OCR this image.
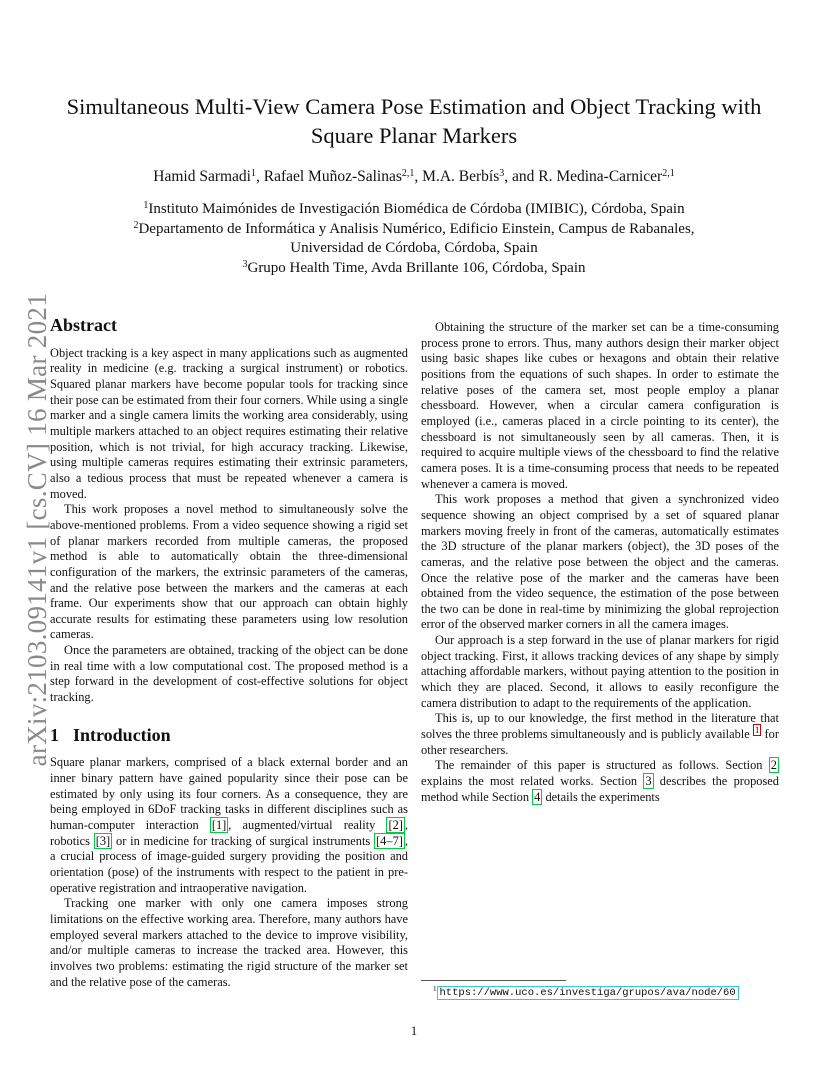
arXiv:2103.09141v1 [cs.CV] 16 Mar 2021
Simultaneous Multi-View Camera Pose Estimation and Object Tracking with Square Planar Markers
Hamid Sarmadi$^1$, Rafael Muñoz-Salinas$^{2,1}$, M.A. Berbís$^3$, and R. Medina-Carnicer$^{2,1}$
$^1$Instituto Maimónides de Investigación Biomédica de Córdoba (IMIBIC), Córdoba, Spain
$^2$Departamento de Informática y Analisis Numérico, Edificio Einstein, Campus de Rabanales,
Universidad de Córdoba, Córdoba, Spain
$^3$Grupo Health Time, Avda Brillante 106, Córdoba, Spain
Abstract

Object tracking is a key aspect in many applications such as augmented reality in medicine (e.g. tracking a surgical instrument) or robotics. Squared planar markers have become popular tools for tracking since their pose can be estimated from their four corners. While using a single marker and a single camera limits the working area considerably, using multiple markers attached to an object requires estimating their relative position, which is not trivial, for high accuracy tracking. Likewise, using multiple cameras requires estimating their extrinsic parameters, also a tedious process that must be repeated whenever a camera is moved.

This work proposes a novel method to simultaneously solve the above-mentioned problems. From a video sequence showing a rigid set of planar markers recorded from multiple cameras, the proposed method is able to automatically obtain the three-dimensional configuration of the markers, the extrinsic parameters of the cameras, and the relative pose between the markers and the cameras at each frame. Our experiments show that our approach can obtain highly accurate results for estimating these parameters using low resolution cameras.

Once the parameters are obtained, tracking of the object can be done in real time with a low computational cost. The proposed method is a step forward in the development of cost-effective solutions for object tracking.

1 Introduction

Square planar markers, comprised of a black external border and an inner binary pattern have gained popularity since their pose can be estimated by only using its four corners. As a consequence, they are being employed in 6DoF tracking tasks in different disciplines such as human-computer interaction [1] , augmented/virtual reality [2] , robotics [3] or in medicine for tracking of surgical instruments [4–7] , a crucial process of image-guided surgery providing the position and orientation (pose) of the instruments with respect to the patient in pre-operative registration and intraoperative navigation.

Tracking one marker with only one camera imposes strong limitations on the effective working area. Therefore, many authors have employed several markers attached to the device to improve visibility, and/or multiple cameras to increase the tracked area. However, this involves two problems: estimating the rigid structure of the marker set and the relative pose of the cameras.

Obtaining the structure of the marker set can be a time-consuming process prone to errors. Thus, many authors design their marker object using basic shapes like cubes or hexagons and obtain their relative positions from the equations of such shapes. In order to estimate the relative poses of the camera set, most people employ a planar chessboard. However, when a circular camera configuration is employed (i.e., cameras placed in a circle pointing to its center), the chessboard is not simultaneously seen by all cameras. Then, it is required to acquire multiple views of the chessboard to find the relative camera poses. It is a time-consuming process that needs to be repeated whenever a camera is moved.

This work proposes a method that given a synchronized video sequence showing an object comprised by a set of squared planar markers moving freely in front of the cameras, automatically estimates the 3D structure of the planar markers (object), the 3D poses of the cameras, and the relative pose between the object and the cameras. Once the relative pose of the marker and the cameras have been obtained from the video sequence, the estimation of the pose between the two can be done in real-time by minimizing the global reprojection error of the observed marker corners in all the camera images.

Our approach is a step forward in the use of planar markers for rigid object tracking. First, it allows tracking devices of any shape by simply attaching affordable markers, without paying attention to the position in which they are placed. Second, it allows to easily reconfigure the camera distribution to adapt to the requirements of the application.

This is, up to our knowledge, the first method in the literature that solves the three problems simultaneously and is publicly available $^1$ for other researchers.

The remainder of this paper is structured as follows. Section 2 explains the most related works. Section 3 describes the proposed method while Section 4 details the experiments

$^1$ https://www.uco.es/investiga/grupos/ava/node/60
1
